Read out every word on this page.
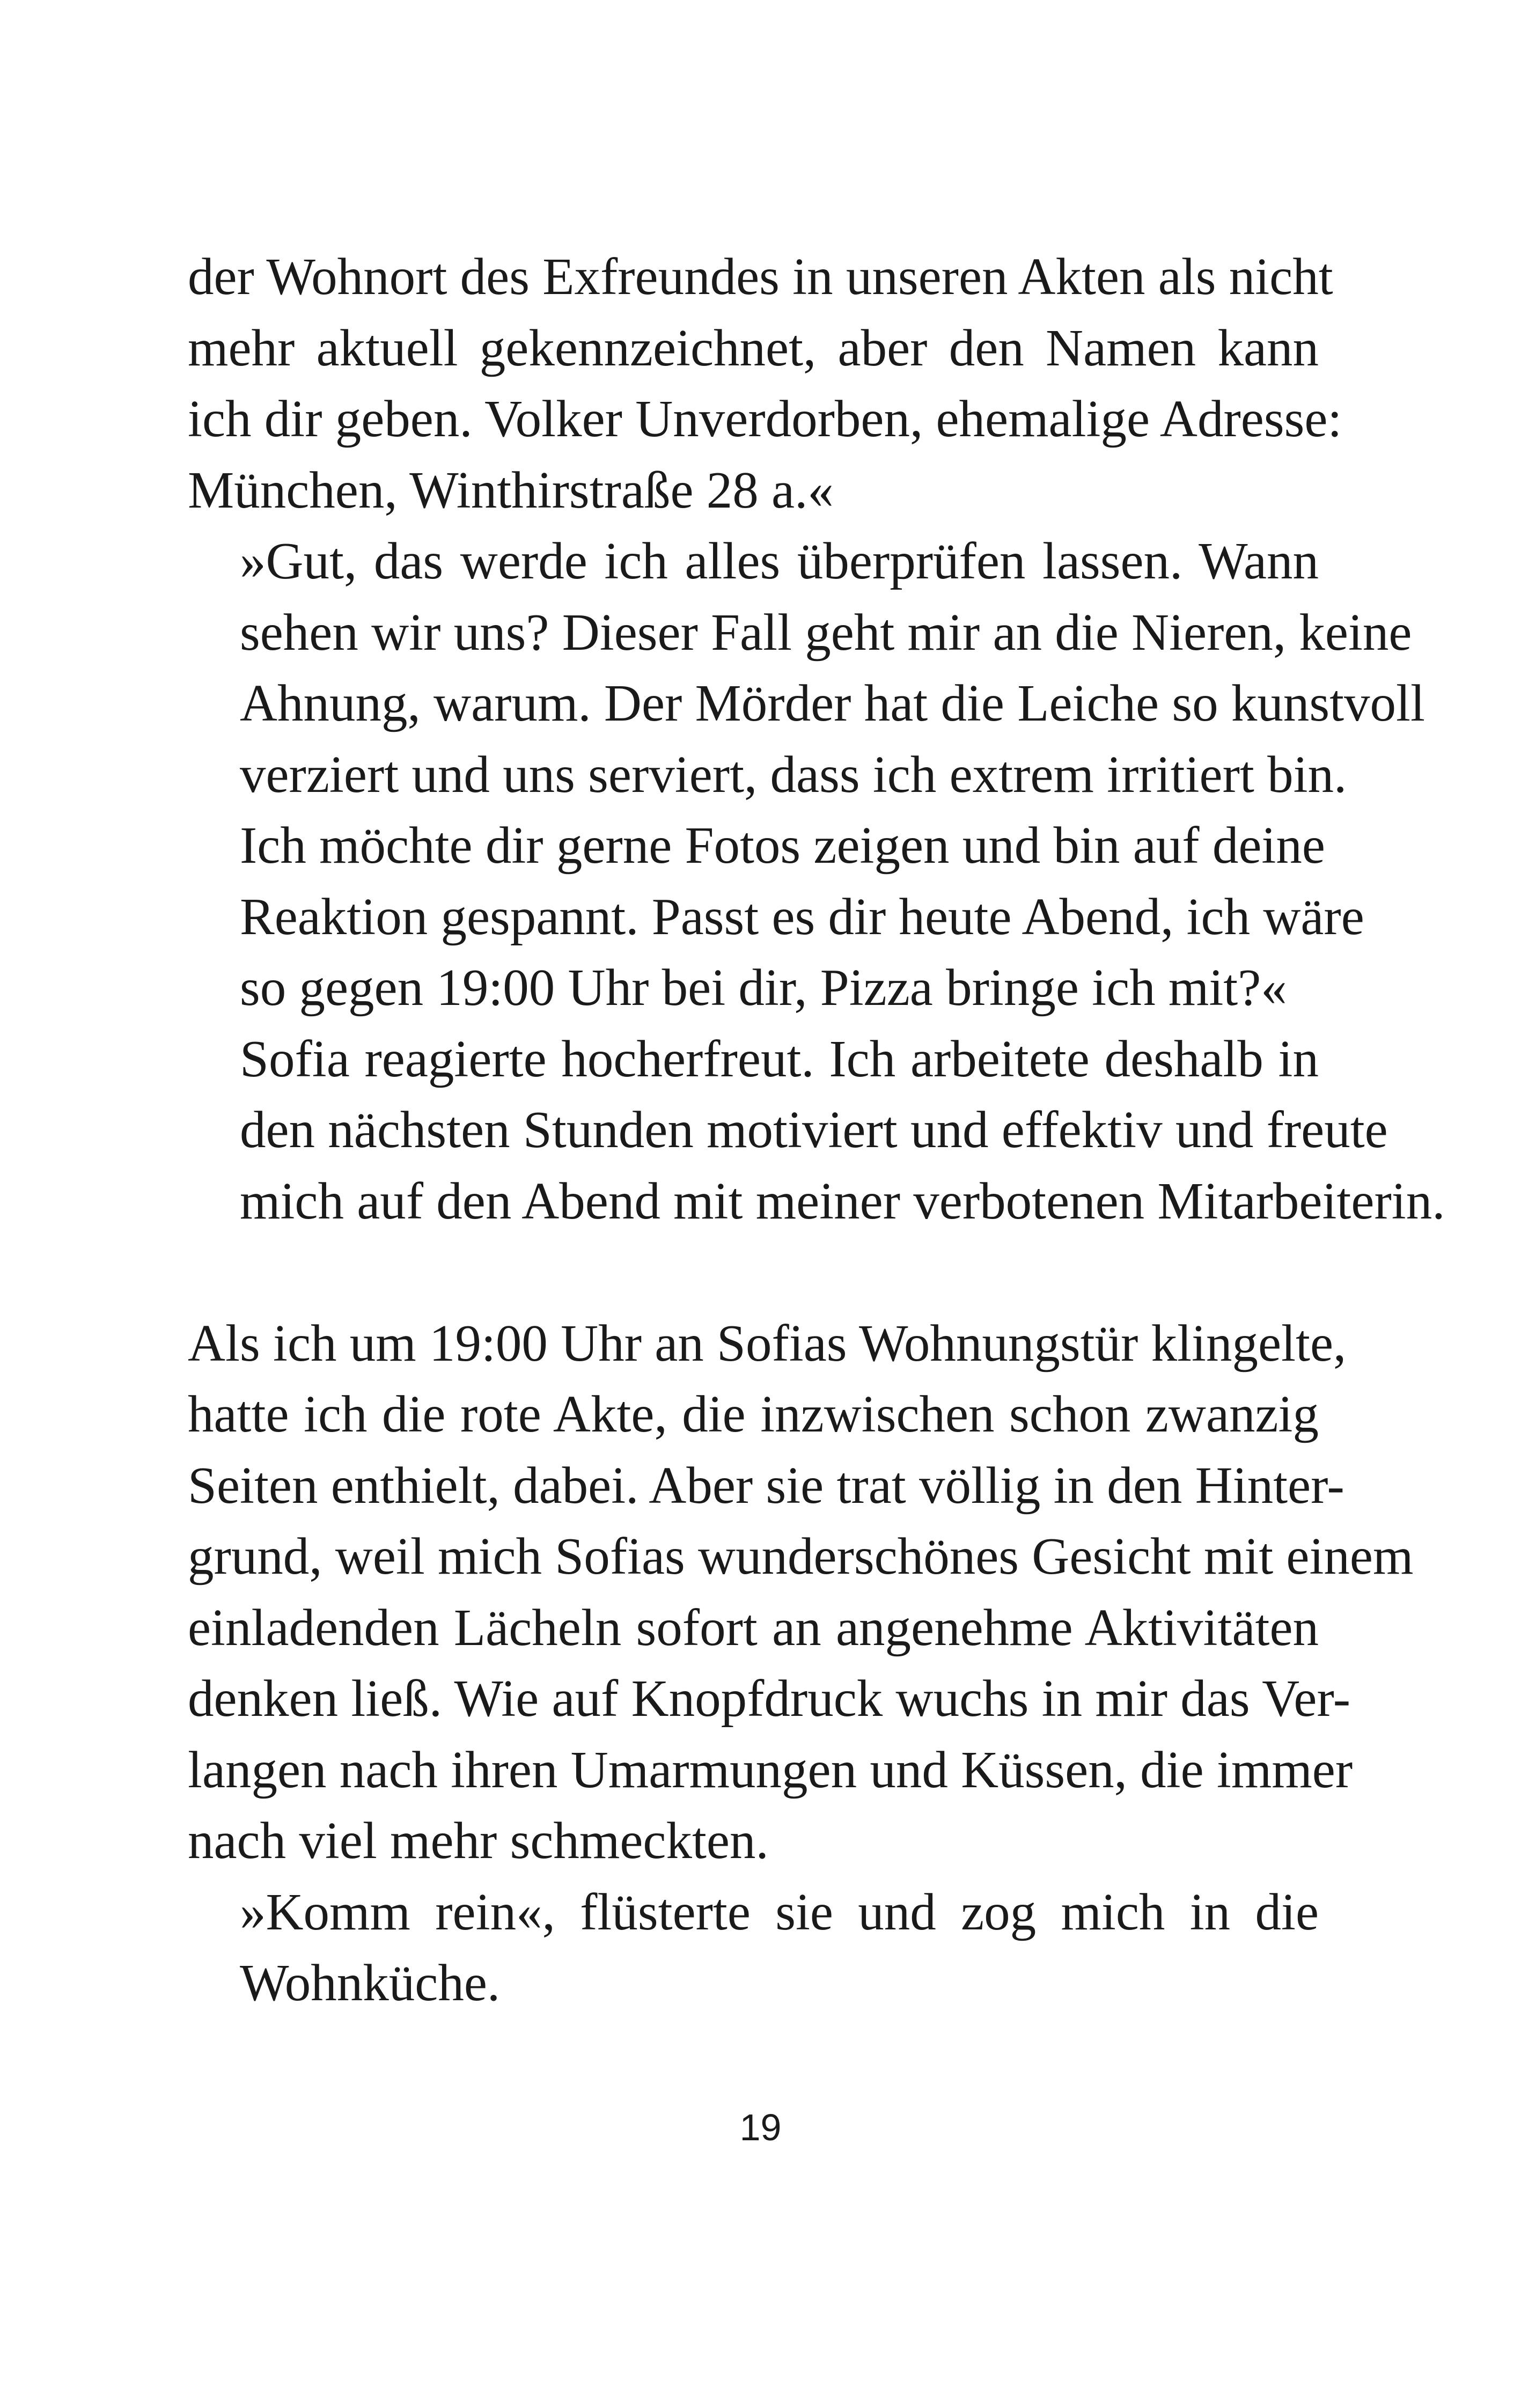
der Wohnort des Exfreundes in unseren Akten als nicht
mehr aktuell gekennzeichnet, aber den Namen kann
ich dir geben. Volker Unverdorben, ehemalige Adresse:
München, Winthirstraße 28 a.«
»Gut, das werde ich alles überprüfen lassen. Wann
sehen wir uns? Dieser Fall geht mir an die Nieren, keine
Ahnung, warum. Der Mörder hat die Leiche so kunstvoll
verziert und uns serviert, dass ich extrem irritiert bin.
Ich möchte dir gerne Fotos zeigen und bin auf deine
Reaktion gespannt. Passt es dir heute Abend, ich wäre
so gegen 19:00 Uhr bei dir, Pizza bringe ich mit?«
Sofia reagierte hocherfreut. Ich arbeitete deshalb in
den nächsten Stunden motiviert und effektiv und freute
mich auf den Abend mit meiner verbotenen Mitarbeiterin.
Als ich um 19:00 Uhr an Sofias Wohnungstür klingelte,
hatte ich die rote Akte, die inzwischen schon zwanzig
Seiten enthielt, dabei. Aber sie trat völlig in den Hinter-
grund, weil mich Sofias wunderschönes Gesicht mit einem
einladenden Lächeln sofort an angenehme Aktivitäten
denken ließ. Wie auf Knopfdruck wuchs in mir das Ver-
langen nach ihren Umarmungen und Küssen, die immer
nach viel mehr schmeckten.
»Komm rein«, flüsterte sie und zog mich in die
Wohnküche.
19
